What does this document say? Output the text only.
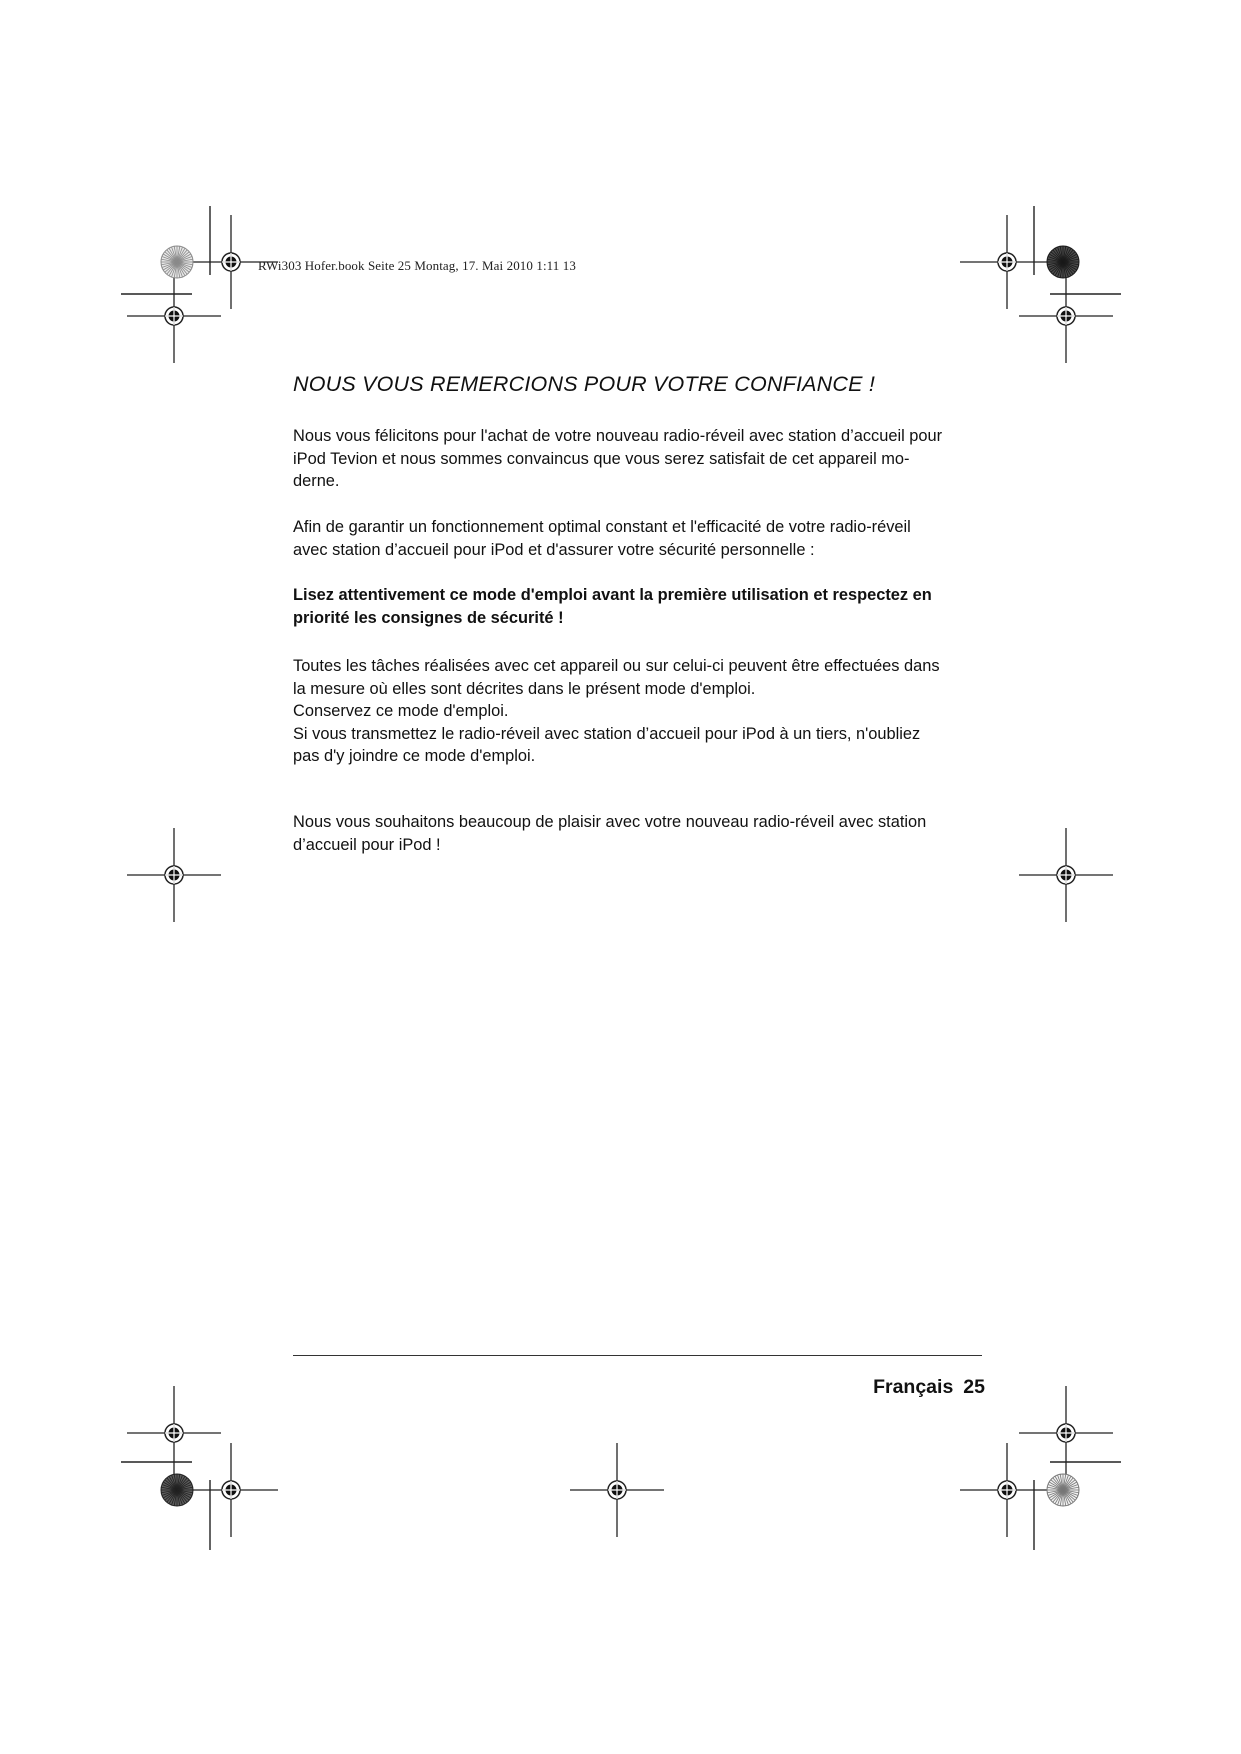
RWi303 Hofer.book Seite 25 Montag, 17. Mai 2010 1:11 13
NOUS VOUS REMERCIONS POUR VOTRE CONFIANCE !

Nous vous félicitons pour l'achat de votre nouveau radio-réveil avec station d’accueil pour
iPod Tevion et nous sommes convaincus que vous serez satisfait de cet appareil mo-
derne.

Afin de garantir un fonctionnement optimal constant et l'efficacité de votre radio-réveil
avec station d’accueil pour iPod et d'assurer votre sécurité personnelle :

Lisez attentivement ce mode d'emploi avant la première utilisation et respectez en
priorité les consignes de sécurité !

Toutes les tâches réalisées avec cet appareil ou sur celui-ci peuvent être effectuées dans
la mesure où elles sont décrites dans le présent mode d'emploi.
Conservez ce mode d'emploi.
Si vous transmettez le radio-réveil avec station d’accueil pour iPod à un tiers, n'oubliez
pas d'y joindre ce mode d'emploi.

Nous vous souhaitons beaucoup de plaisir avec votre nouveau radio-réveil avec station
d’accueil pour iPod !

Français 25
